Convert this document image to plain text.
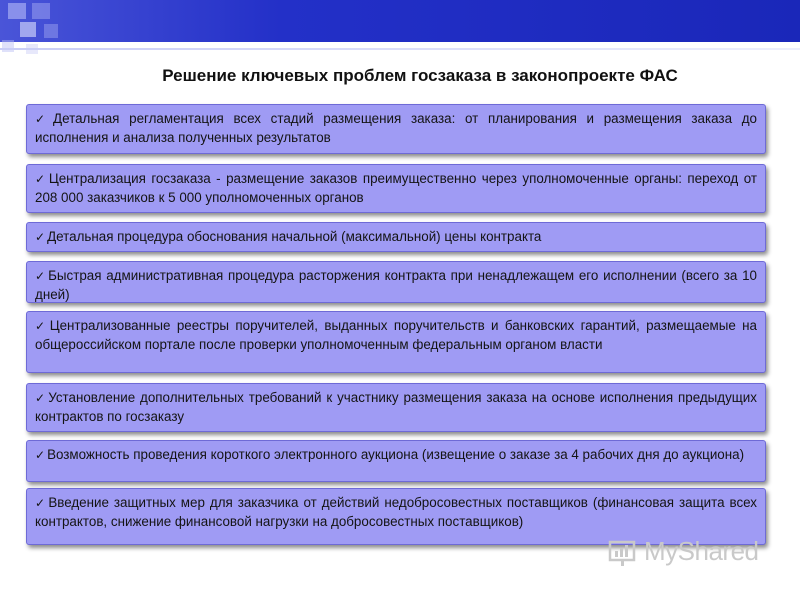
Решение ключевых проблем госзаказа в законопроекте ФАС
✓ Детальная регламентация всех стадий размещения заказа: от планирования и размещения заказа до исполнения и анализа полученных результатов
✓ Централизация госзаказа - размещение заказов преимущественно через уполномоченные органы: переход от 208 000 заказчиков к 5 000 уполномоченных органов
✓ Детальная процедура обоснования начальной (максимальной) цены контракта
✓ Быстрая административная процедура расторжения контракта при ненадлежащем его исполнении (всего за 10 дней)
✓ Централизованные реестры поручителей, выданных поручительств и банковских гарантий, размещаемые на общероссийском портале после проверки уполномоченным федеральным органом власти
✓ Установление дополнительных требований к участнику размещения заказа на основе исполнения предыдущих контрактов по госзаказу
✓ Возможность проведения короткого электронного аукциона (извещение о заказе за 4 рабочих дня до аукциона)
✓ Введение защитных мер для заказчика от действий недобросовестных поставщиков (финансовая защита всех контрактов, снижение финансовой нагрузки на добросовестных поставщиков)
MyShared
